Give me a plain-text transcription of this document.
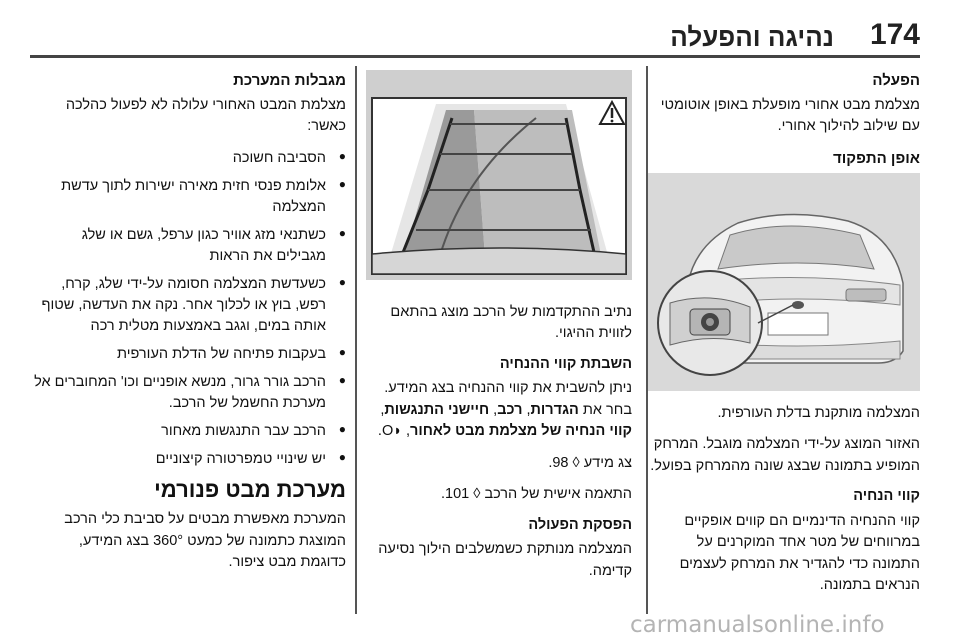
174
נהיגה והפעלה
הפעלה

מצלמת מבט אחורי מופעלת באופן אוטומטי עם שילוב להילוך אחורי.

אופן התפקוד

המצלמה מותקנת בדלת העורפית.

האזור המוצג על-ידי המצלמה מוגבל. המרחק המופיע בתמונה שבצג שונה מהמרחק בפועל.

קווי הנחיה

קווי ההנחיה הדינמיים הם קווים אופקיים במרווחים של מטר אחד המוקרנים על התמונה כדי להגדיר את המרחק לעצמים הנראים בתמונה.

נתיב ההתקדמות של הרכב מוצג בהתאם לזווית ההיגוי.

השבתת קווי ההנחיה

ניתן להשבית את קווי ההנחיה בצג המידע. בחר את הגדרות, רכב, חיישני התנגשות, קווי הנחיה של מצלמת מבט לאחור, ◗O.

צג מידע ◊ 98.

התאמה אישית של הרכב ◊ 101.

הפסקת הפעולה

המצלמה מנותקת כשמשלבים הילוך נסיעה קדימה.

מגבלות המערכת

מצלמת המבט האחורי עלולה לא לפעול כהלכה כאשר:

● הסביבה חשוכה
● אלומת פנסי חזית מאירה ישירות לתוך עדשת המצלמה
● כשתנאי מזג אוויר כגון ערפל, גשם או שלג מגבילים את הראות
● כשעדשת המצלמה חסומה על-ידי שלג, קרח, רפש, בוץ או לכלוך אחר. נקה את העדשה, שטוף אותה במים, וגגב באמצעות מטלית רכה
● בעקבות פתיחה של הדלת העורפית
● הרכב גורר גרור, מנשא אופניים וכו' המחוברים אל מערכת החשמל של הרכב.
● הרכב עבר התנגשות מאחור
● יש שינויי טמפרטורה קיצוניים
מערכת מבט פנורמי

המערכת מאפשרת מבטים על סביבת כלי הרכב המוצגת כתמונה של כמעט 360° בצג המידע, כדוגמת מבט ציפור.

carmanualsonline.info
